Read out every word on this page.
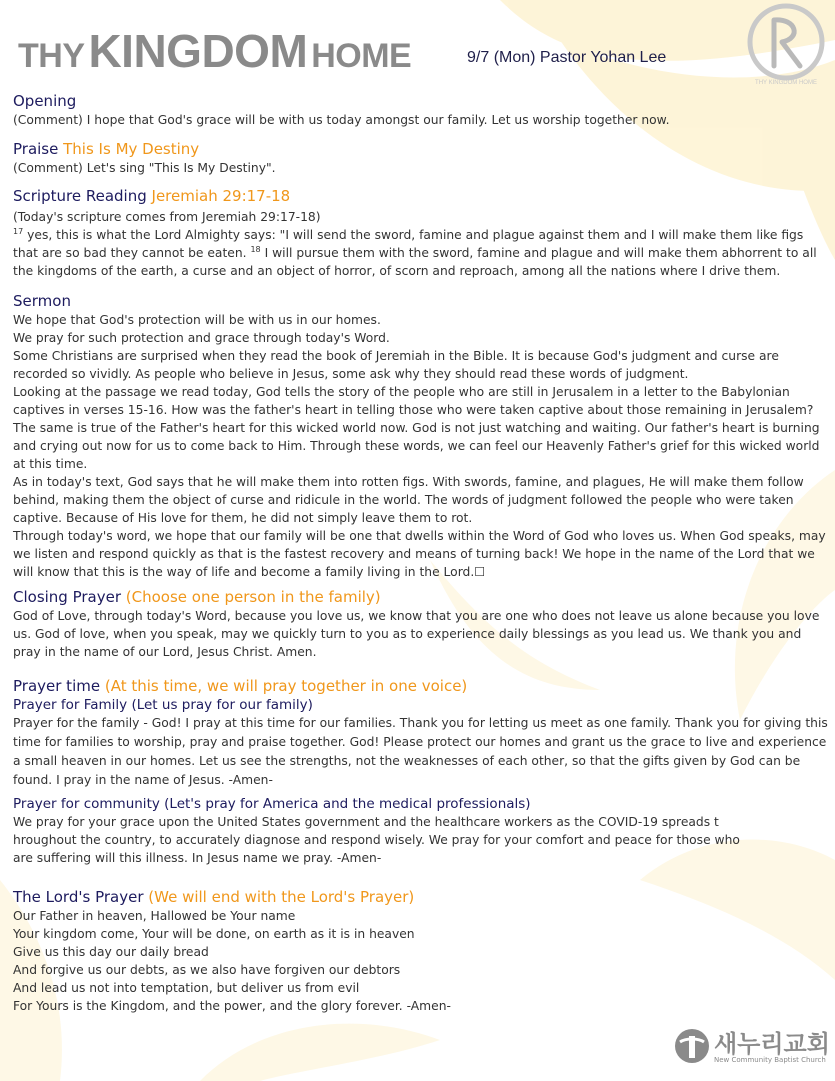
THY KINGDOM HOME	9/7 (Mon) Pastor Yohan Lee
THY KINGDOM HOME
Opening

(Comment) I hope that God's grace will be with us today amongst our family. Let us worship together now.

Praise This Is My Destiny

(Comment) Let's sing "This Is My Destiny".

Scripture Reading Jeremiah 29:17-18

(Today's scripture comes from Jeremiah 29:17-18)

$^{17}$ yes, this is what the Lord Almighty says: "I will send the sword, famine and plague against them and I will make them like figs that are so bad they cannot be eaten. $^{18}$ I will pursue them with the sword, famine and plague and will make them abhorrent to all the kingdoms of the earth, a curse and an object of horror, of scorn and reproach, among all the nations where I drive them.

Sermon

We hope that God's protection will be with us in our homes.

We pray for such protection and grace through today's Word.

Some Christians are surprised when they read the book of Jeremiah in the Bible. It is because God's judgment and curse are recorded so vividly. As people who believe in Jesus, some ask why they should read these words of judgment.

Looking at the passage we read today, God tells the story of the people who are still in Jerusalem in a letter to the Babylonian captives in verses 15-16. How was the father's heart in telling those who were taken captive about those remaining in Jerusalem? The same is true of the Father's heart for this wicked world now. God is not just watching and waiting. Our father's heart is burning and crying out now for us to come back to Him. Through these words, we can feel our Heavenly Father's grief for this wicked world at this time.

As in today's text, God says that he will make them into rotten figs. With swords, famine, and plagues, He will make them follow behind, making them the object of curse and ridicule in the world. The words of judgment followed the people who were taken captive. Because of His love for them, he did not simply leave them to rot.

Through today's word, we hope that our family will be one that dwells within the Word of God who loves us. When God speaks, may we listen and respond quickly as that is the fastest recovery and means of turning back! We hope in the name of the Lord that we will know that this is the way of life and become a family living in the Lord.☐

Closing Prayer (Choose one person in the family)

God of Love, through today's Word, because you love us, we know that you are one who does not leave us alone because you love us. God of love, when you speak, may we quickly turn to you as to experience daily blessings as you lead us. We thank you and pray in the name of our Lord, Jesus Christ. Amen.

Prayer time (At this time, we will pray together in one voice)
Prayer for Family (Let us pray for our family)

Prayer for the family - God! I pray at this time for our families. Thank you for letting us meet as one family. Thank you for giving this time for families to worship, pray and praise together. God! Please protect our homes and grant us the grace to live and experience a small heaven in our homes. Let us see the strengths, not the weaknesses of each other, so that the gifts given by God can be found. I pray in the name of Jesus. -Amen-

Prayer for community (Let's pray for America and the medical professionals)

We pray for your grace upon the United States government and the healthcare workers as the COVID-19 spreads t

hroughout the country, to accurately diagnose and respond wisely. We pray for your comfort and peace for those who

are suffering will this illness. In Jesus name we pray. -Amen-

The Lord's Prayer (We will end with the Lord's Prayer)

Our Father in heaven, Hallowed be Your name

Your kingdom come, Your will be done, on earth as it is in heaven

Give us this day our daily bread

And forgive us our debts, as we also have forgiven our debtors

And lead us not into temptation, but deliver us from evil

For Yours is the Kingdom, and the power, and the glory forever. -Amen-

새누리교회
New Community Baptist Church
